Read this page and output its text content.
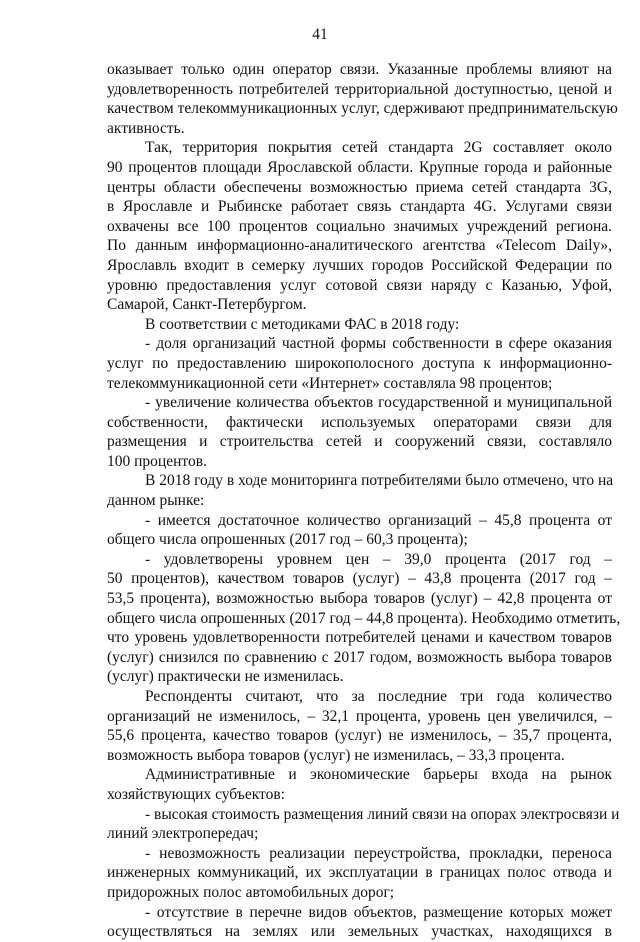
41
оказывает только один оператор связи. Указанные проблемы влияют на
удовлетворенность потребителей территориальной доступностью, ценой и
качеством телекоммуникационных услуг, сдерживают предпринимательскую
активность.
Так, территория покрытия сетей стандарта 2G составляет около
90 процентов площади Ярославской области. Крупные города и районные
центры области обеспечены возможностью приема сетей стандарта 3G,
в Ярославле и Рыбинске работает связь стандарта 4G. Услугами связи
охвачены все 100 процентов социально значимых учреждений региона.
По данным информационно-аналитического агентства «Telecom Daily»,
Ярославль входит в семерку лучших городов Российской Федерации по
уровню предоставления услуг сотовой связи наряду с Казанью, Уфой,
Самарой, Санкт-Петербургом.
В соответствии с методиками ФАС в 2018 году:
- доля организаций частной формы собственности в сфере оказания
услуг по предоставлению широкополосного доступа к информационно-
телекоммуникационной сети «Интернет» составляла 98 процентов;
- увеличение количества объектов государственной и муниципальной
собственности, фактически используемых операторами связи для
размещения и строительства сетей и сооружений связи, составляло
100 процентов.
В 2018 году в ходе мониторинга потребителями было отмечено, что на
данном рынке:
- имеется достаточное количество организаций – 45,8 процента от
общего числа опрошенных (2017 год – 60,3 процента);
- удовлетворены уровнем цен – 39,0 процента (2017 год –
50 процентов), качеством товаров (услуг) – 43,8 процента (2017 год –
53,5 процента), возможностью выбора товаров (услуг) – 42,8 процента от
общего числа опрошенных (2017 год – 44,8 процента). Необходимо отметить,
что уровень удовлетворенности потребителей ценами и качеством товаров
(услуг) снизился по сравнению с 2017 годом, возможность выбора товаров
(услуг) практически не изменилась.
Респонденты считают, что за последние три года количество
организаций не изменилось, – 32,1 процента, уровень цен увеличился, –
55,6 процента, качество товаров (услуг) не изменилось, – 35,7 процента,
возможность выбора товаров (услуг) не изменилась, – 33,3 процента.
Административные и экономические барьеры входа на рынок
хозяйствующих субъектов:
- высокая стоимость размещения линий связи на опорах электросвязи и
линий электропередач;
- невозможность реализации переустройства, прокладки, переноса
инженерных коммуникаций, их эксплуатации в границах полос отвода и
придорожных полос автомобильных дорог;
- отсутствие в перечне видов объектов, размещение которых может
осуществляться на землях или земельных участках, находящихся в
